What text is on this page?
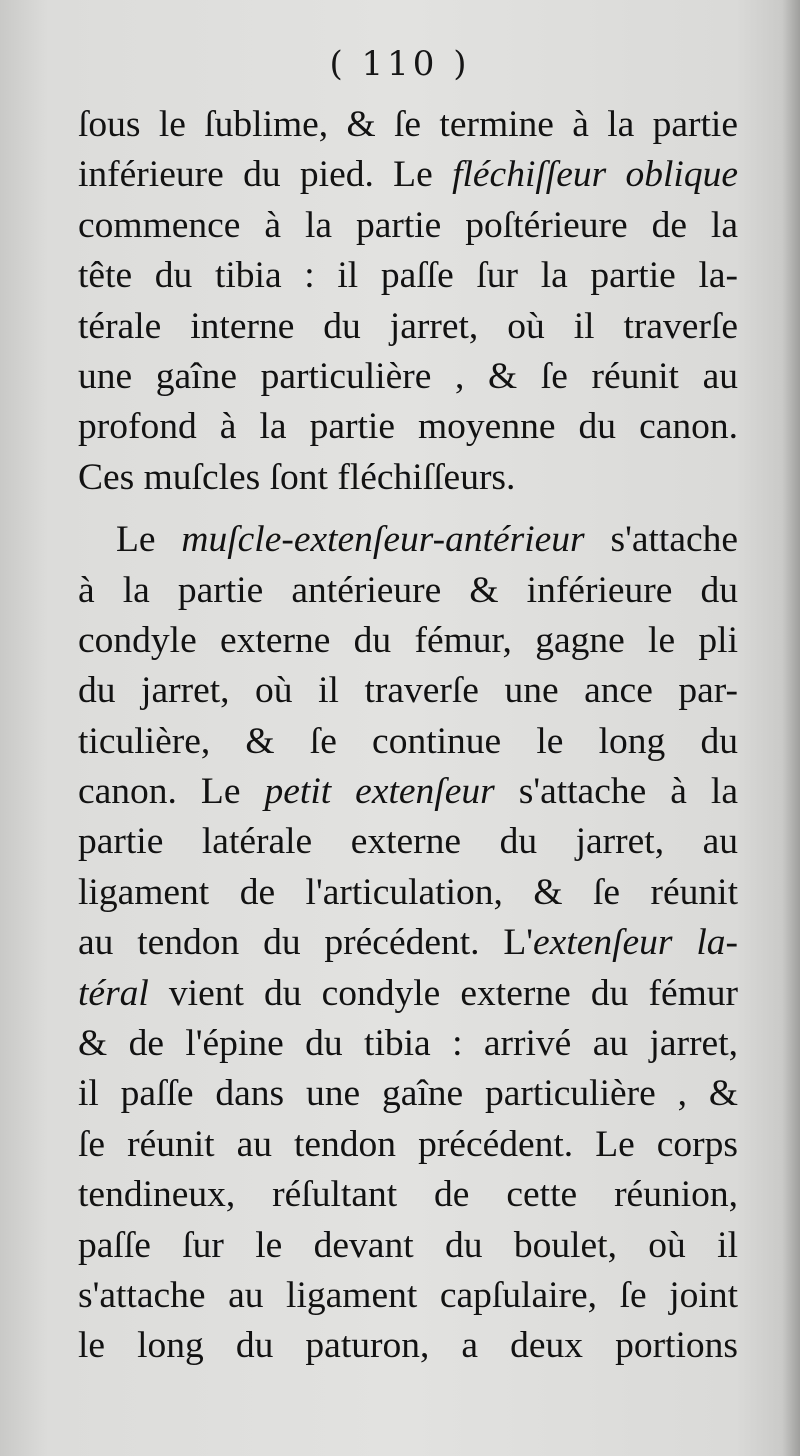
( 110 )
ſous le ſublime, & ſe termine à la partie
inférieure du pied. Le fléchiſſeur oblique
commence à la partie poſtérieure de la
tête du tibia : il paſſe ſur la partie la-
térale interne du jarret, où il traverſe
une gaîne particulière , & ſe réunit au
profond à la partie moyenne du canon.
Ces muſcles ſont fléchiſſeurs.
Le muſcle-extenſeur-antérieur s'attache
à la partie antérieure & inférieure du
condyle externe du fémur, gagne le pli
du jarret, où il traverſe une ance par-
ticulière, & ſe continue le long du
canon. Le petit extenſeur s'attache à la
partie latérale externe du jarret, au
ligament de l'articulation, & ſe réunit
au tendon du précédent. L'extenſeur la-
téral vient du condyle externe du fémur
& de l'épine du tibia : arrivé au jarret,
il paſſe dans une gaîne particulière , &
ſe réunit au tendon précédent. Le corps
tendineux, réſultant de cette réunion,
paſſe ſur le devant du boulet, où il
s'attache au ligament capſulaire, ſe joint
le long du paturon, a deux portions
